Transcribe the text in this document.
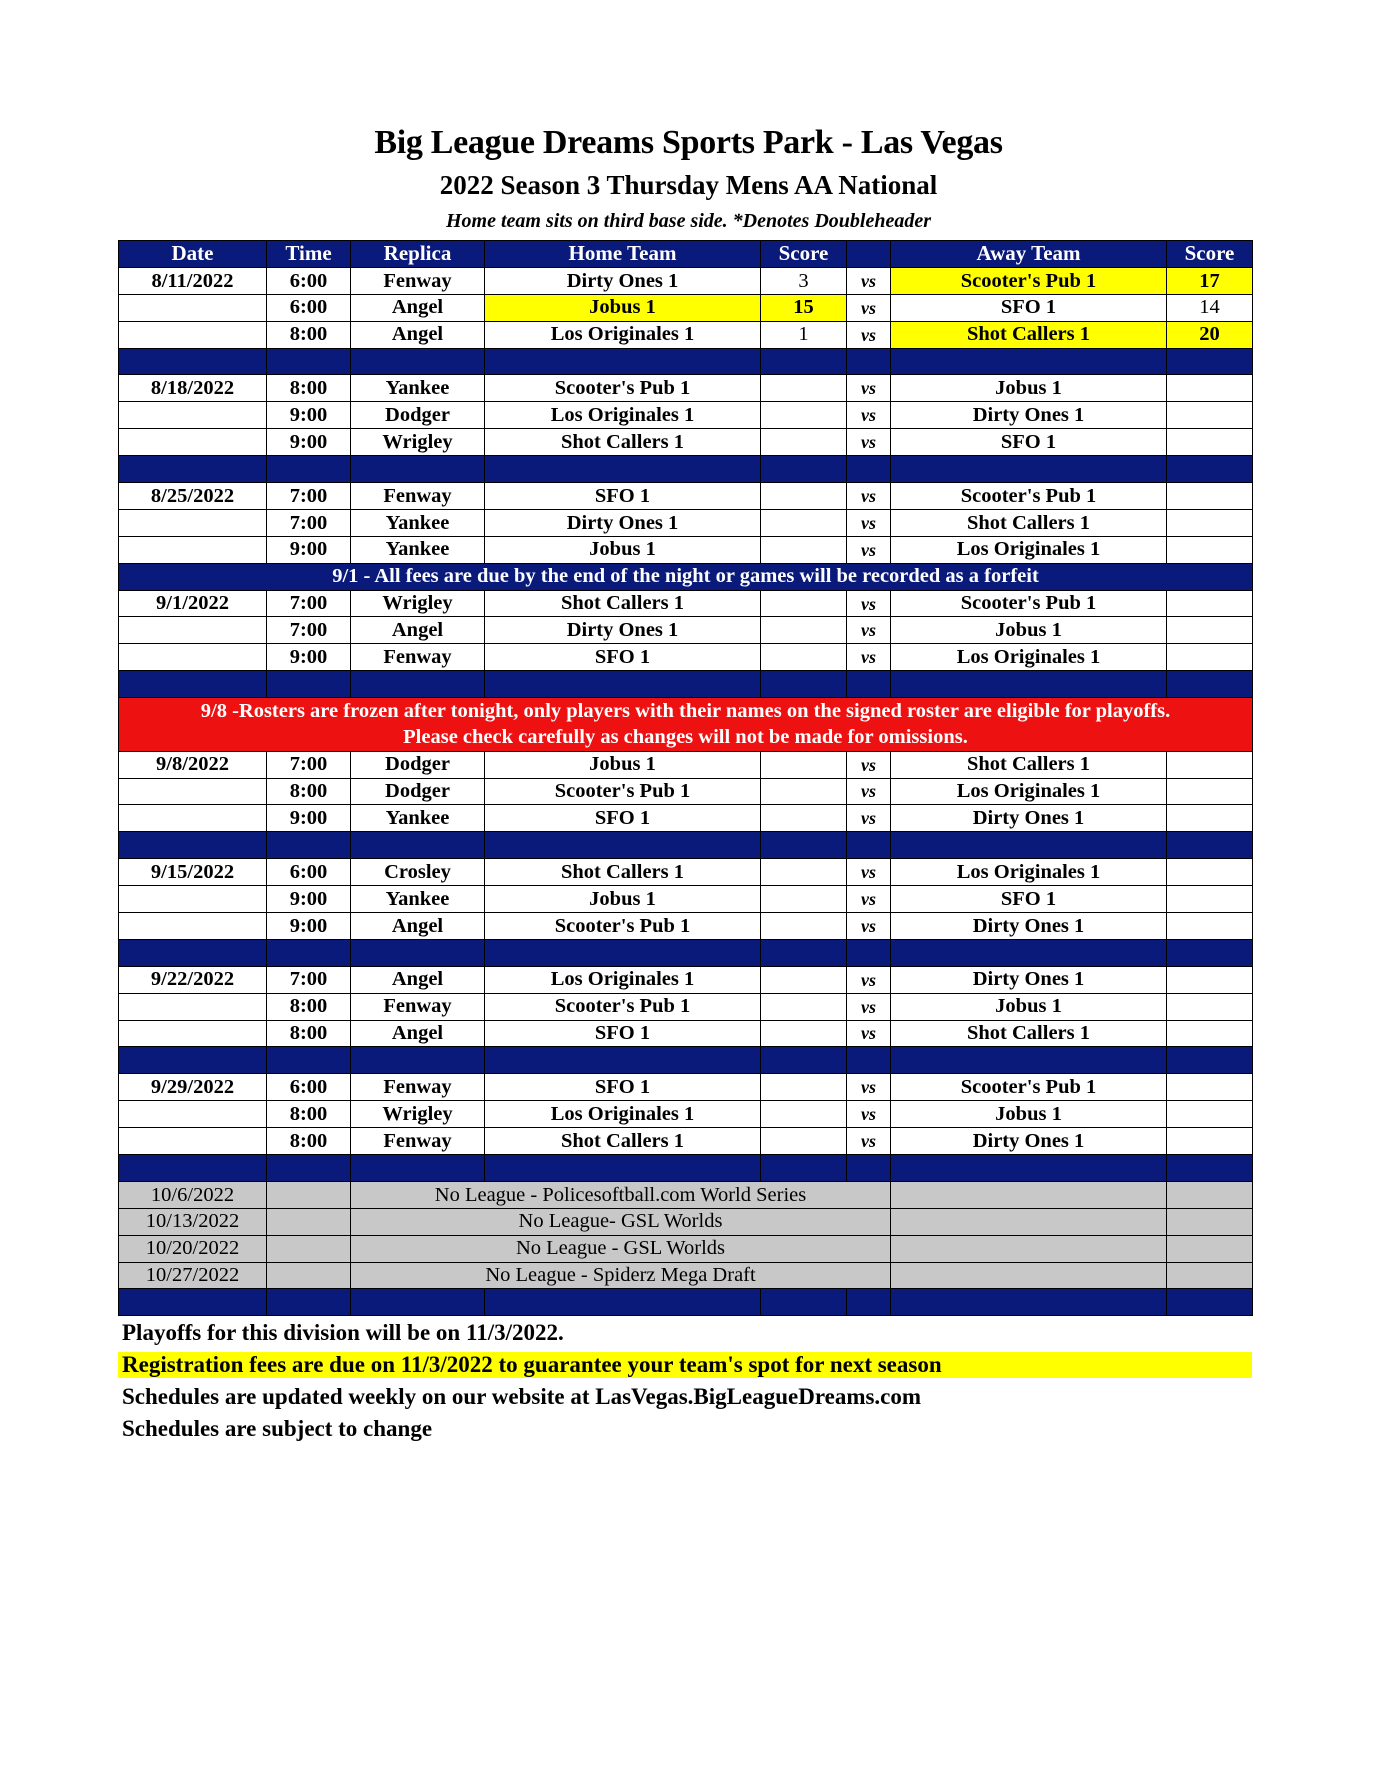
Big League Dreams Sports Park - Las Vegas
2022 Season 3 Thursday Mens AA National
Home team sits on third base side. *Denotes Doubleheader
Date	Time	Replica	Home Team	Score		Away Team	Score
8/11/2022	6:00	Fenway	Dirty Ones 1	3	vs	Scooter's Pub 1	17
	6:00	Angel	Jobus 1	15	vs	SFO 1	14
	8:00	Angel	Los Originales 1	1	vs	Shot Callers 1	20

8/18/2022	8:00	Yankee	Scooter's Pub 1		vs	Jobus 1	
	9:00	Dodger	Los Originales 1		vs	Dirty Ones 1	
	9:00	Wrigley	Shot Callers 1		vs	SFO 1	

8/25/2022	7:00	Fenway	SFO 1		vs	Scooter's Pub 1	
	7:00	Yankee	Dirty Ones 1		vs	Shot Callers 1	
	9:00	Yankee	Jobus 1		vs	Los Originales 1	
9/1 - All fees are due by the end of the night or games will be recorded as a forfeit							
9/1/2022	7:00	Wrigley	Shot Callers 1		vs	Scooter's Pub 1	
	7:00	Angel	Dirty Ones 1		vs	Jobus 1	
	9:00	Fenway	SFO 1		vs	Los Originales 1	

9/8 -Rosters are frozen after tonight, only players with their names on the signed roster are eligible for playoffs.
Please check carefully as changes will not be made for omissions.							

9/8/2022	7:00	Dodger	Jobus 1		vs	Shot Callers 1	
	8:00	Dodger	Scooter's Pub 1		vs	Los Originales 1	
	9:00	Yankee	SFO 1		vs	Dirty Ones 1	

9/15/2022	6:00	Crosley	Shot Callers 1		vs	Los Originales 1	
	9:00	Yankee	Jobus 1		vs	SFO 1	
	9:00	Angel	Scooter's Pub 1		vs	Dirty Ones 1	

9/22/2022	7:00	Angel	Los Originales 1		vs	Dirty Ones 1	
	8:00	Fenway	Scooter's Pub 1		vs	Jobus 1	
	8:00	Angel	SFO 1		vs	Shot Callers 1	

9/29/2022	6:00	Fenway	SFO 1		vs	Scooter's Pub 1	
	8:00	Wrigley	Los Originales 1		vs	Jobus 1	
	8:00	Fenway	Shot Callers 1		vs	Dirty Ones 1	

10/6/2022		No League - Policesoftball.com World Series					
10/13/2022		No League- GSL Worlds					
10/20/2022		No League - GSL Worlds					
10/27/2022		No League - Spiderz Mega Draft					

Playoffs for this division will be on 11/3/2022.
Registration fees are due on 11/3/2022 to guarantee your team's spot for next season
Schedules are updated weekly on our website at LasVegas.BigLeagueDreams.com
Schedules are subject to change
